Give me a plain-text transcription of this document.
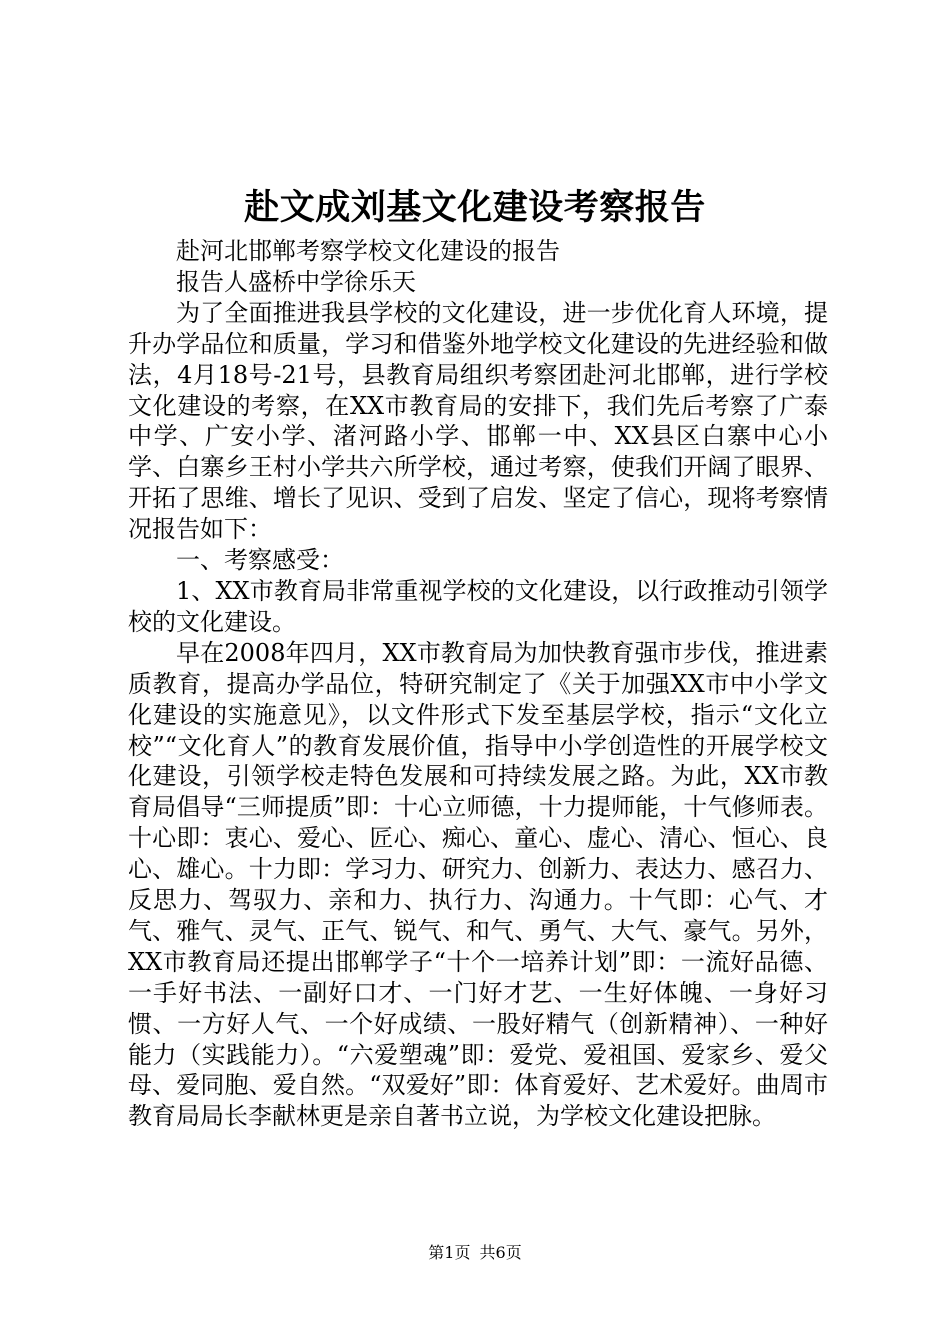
赴文成刘基文化建设考察报告

赴河北邯郸考察学校文化建设的报告

报告人盛桥中学徐乐天

为了全面推进我县学校的文化建设，进一步优化育人环境，提升办学品位和质量，学习和借鉴外地学校文化建设的先进经验和做法，4月18号-21号，县教育局组织考察团赴河北邯郸，进行学校文化建设的考察，在XX市教育局的安排下，我们先后考察了广泰中学、广安小学、渚河路小学、邯郸一中、XX县区白寨中心小学、白寨乡王村小学共六所学校，通过考察，使我们开阔了眼界、开拓了思维、增长了见识、受到了启发、坚定了信心，现将考察情况报告如下：

一、考察感受：

1、XX市教育局非常重视学校的文化建设，以行政推动引领学校的文化建设。

早在2008年四月，XX市教育局为加快教育强市步伐，推进素质教育，提高办学品位，特研究制定了《关于加强XX市中小学文化建设的实施意见》，以文件形式下发至基层学校，指示“文化立校”“文化育人”的教育发展价值，指导中小学创造性的开展学校文化建设，引领学校走特色发展和可持续发展之路。为此，XX市教育局倡导“三师提质”即：十心立师德，十力提师能，十气修师表。十心即：衷心、爱心、匠心、痴心、童心、虚心、清心、恒心、良心、雄心。十力即：学习力、研究力、创新力、表达力、感召力、反思力、驾驭力、亲和力、执行力、沟通力。十气即：心气、才气、雅气、灵气、正气、锐气、和气、勇气、大气、豪气。另外，XX市教育局还提出邯郸学子“十个一培养计划”即：一流好品德、一手好书法、一副好口才、一门好才艺、一生好体魄、一身好习惯、一方好人气、一个好成绩、一股好精气（创新精神）、一种好能力（实践能力）。“六爱塑魂”即：爱党、爱祖国、爱家乡、爱父母、爱同胞、爱自然。“双爱好”即：体育爱好、艺术爱好。曲周市教育局局长李献林更是亲自著书立说，为学校文化建设把脉。

第1页 共6页
